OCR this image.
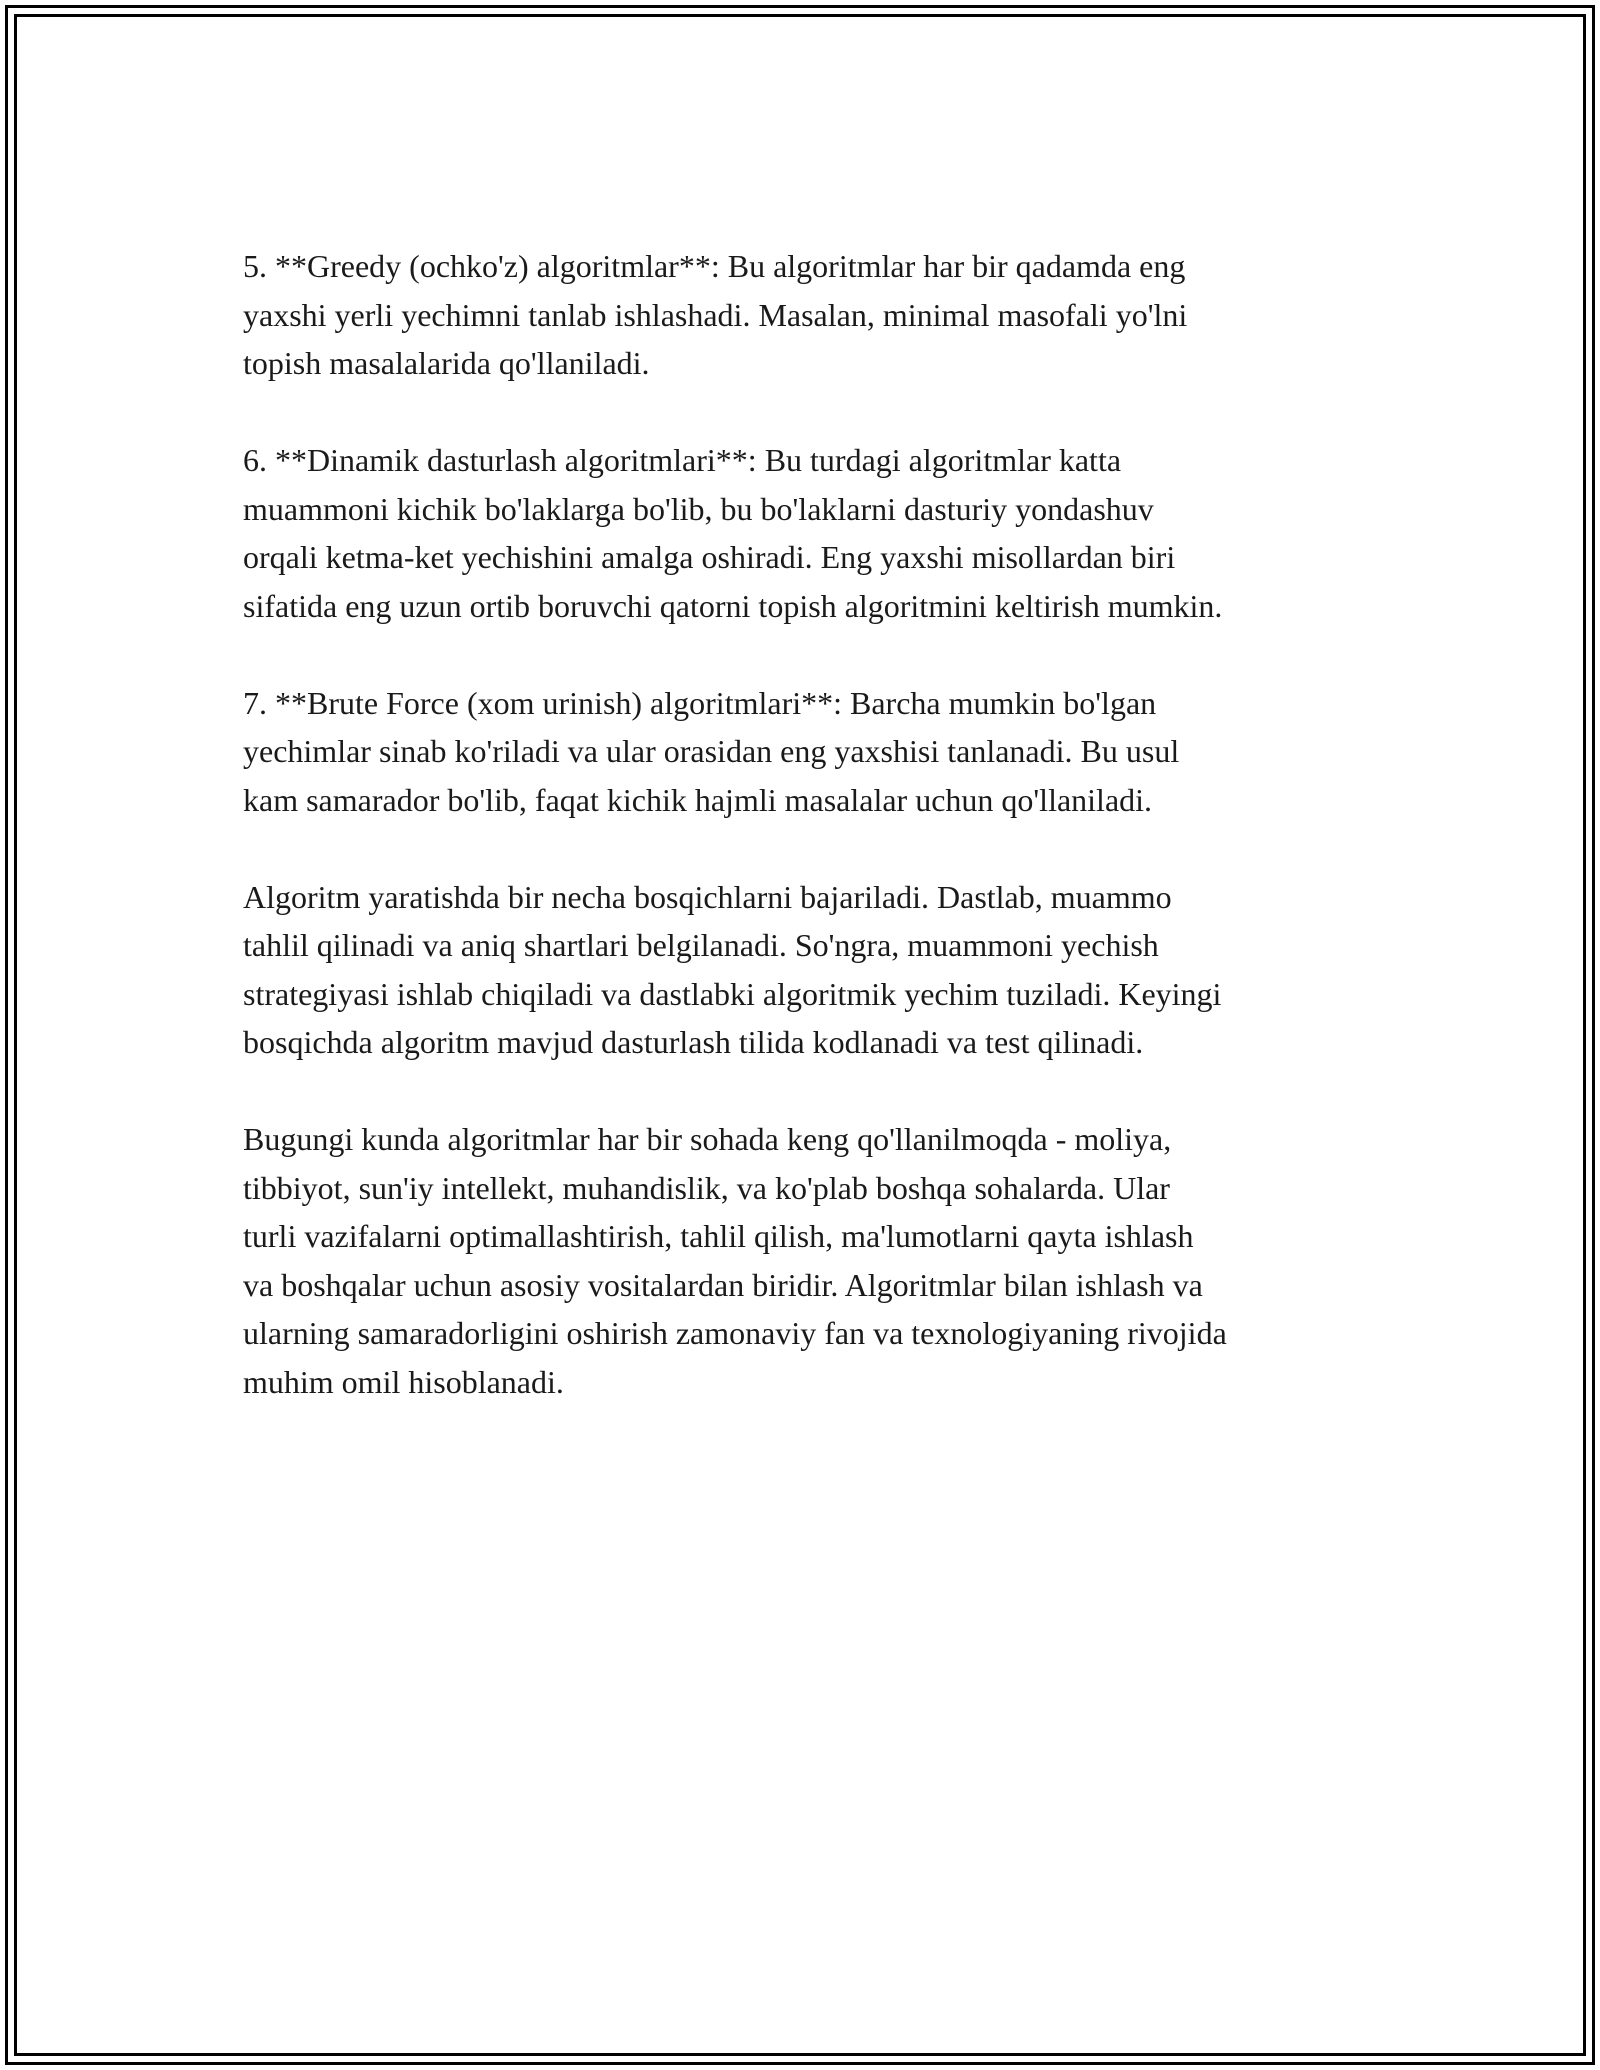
5. **Greedy (ochko'z) algoritmlar**: Bu algoritmlar har bir qadamda eng
yaxshi yerli yechimni tanlab ishlashadi. Masalan, minimal masofali yo'lni
topish masalalarida qo'llaniladi.

6. **Dinamik dasturlash algoritmlari**: Bu turdagi algoritmlar katta
muammoni kichik bo'laklarga bo'lib, bu bo'laklarni dasturiy yondashuv
orqali ketma-ket yechishini amalga oshiradi. Eng yaxshi misollardan biri
sifatida eng uzun ortib boruvchi qatorni topish algoritmini keltirish mumkin.

7. **Brute Force (xom urinish) algoritmlari**: Barcha mumkin bo'lgan
yechimlar sinab ko'riladi va ular orasidan eng yaxshisi tanlanadi. Bu usul
kam samarador bo'lib, faqat kichik hajmli masalalar uchun qo'llaniladi.

Algoritm yaratishda bir necha bosqichlarni bajariladi. Dastlab, muammo
tahlil qilinadi va aniq shartlari belgilanadi. So'ngra, muammoni yechish
strategiyasi ishlab chiqiladi va dastlabki algoritmik yechim tuziladi. Keyingi
bosqichda algoritm mavjud dasturlash tilida kodlanadi va test qilinadi.

Bugungi kunda algoritmlar har bir sohada keng qo'llanilmoqda - moliya,
tibbiyot, sun'iy intellekt, muhandislik, va ko'plab boshqa sohalarda. Ular
turli vazifalarni optimallashtirish, tahlil qilish, ma'lumotlarni qayta ishlash
va boshqalar uchun asosiy vositalardan biridir. Algoritmlar bilan ishlash va
ularning samaradorligini oshirish zamonaviy fan va texnologiyaning rivojida
muhim omil hisoblanadi.
